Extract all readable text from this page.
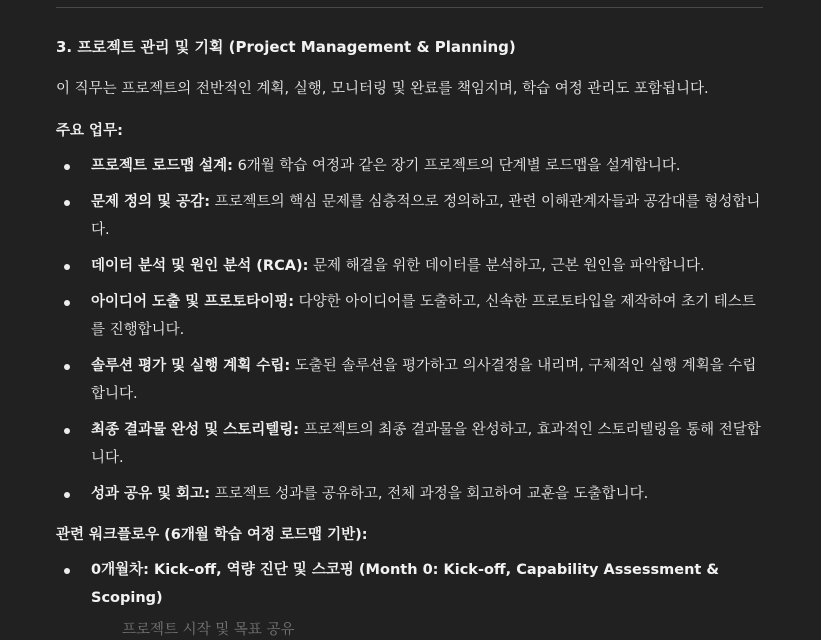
3. 프로젝트 관리 및 기획 (Project Management & Planning)

이 직무는 프로젝트의 전반적인 계획, 실행, 모니터링 및 완료를 책임지며, 학습 여정 관리도 포함됩니다.

주요 업무:

프로젝트 로드맵 설계: 6개월 학습 여정과 같은 장기 프로젝트의 단계별 로드맵을 설계합니다.
문제 정의 및 공감: 프로젝트의 핵심 문제를 심층적으로 정의하고, 관련 이해관계자들과 공감대를 형성합니다.
데이터 분석 및 원인 분석 (RCA): 문제 해결을 위한 데이터를 분석하고, 근본 원인을 파악합니다.
아이디어 도출 및 프로토타이핑: 다양한 아이디어를 도출하고, 신속한 프로토타입을 제작하여 초기 테스트를 진행합니다.
솔루션 평가 및 실행 계획 수립: 도출된 솔루션을 평가하고 의사결정을 내리며, 구체적인 실행 계획을 수립합니다.
최종 결과물 완성 및 스토리텔링: 프로젝트의 최종 결과물을 완성하고, 효과적인 스토리텔링을 통해 전달합니다.
성과 공유 및 회고: 프로젝트 성과를 공유하고, 전체 과정을 회고하여 교훈을 도출합니다.

관련 워크플로우 (6개월 학습 여정 로드맵 기반):

0개월차: Kick-off, 역량 진단 및 스코핑 (Month 0: Kick-off, Capability Assessment & Scoping)

프로젝트 시작 및 목표 공유
